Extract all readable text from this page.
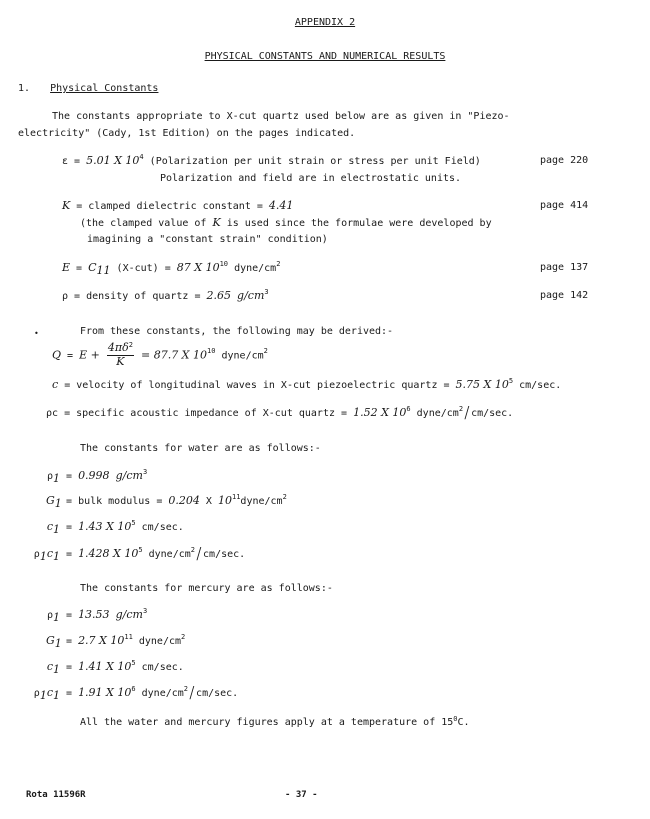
APPENDIX 2
PHYSICAL CONSTANTS AND NUMERICAL RESULTS
1. Physical Constants
The constants appropriate to X-cut quartz used below are as given in "Piezo-
electricity" (Cady, 1st Edition) on the pages indicated.
ε = 5.01 X $10^4$ (Polarization per unit strain or stress per unit Field)	page 220
Polarization and field are in electrostatic units.
K = clamped dielectric constant = 4.41	page 414
(the clamped value of K is used since the formulae were developed by
imagining a "constant strain" condition)
$E = C_{11}$ (X-cut) = 87 X $10^{10}$ dyne/$cm^2$	page 137
ρ = density of quartz = 2.65 $g/cm^3$	page 142
•	From these constants, the following may be derived:-
$Q = E + \frac{4\pi\delta^2}{K} = 87.7$ X $10^{10}$ dyne/$cm^2$
c = velocity of longitudinal waves in X-cut piezoelectric quartz = 5.75 X $10^5$ cm/sec.
ρc = specific acoustic impedance of X-cut quartz = 1.52 X $10^6$ dyne/$cm^2/cm/\sec$.
The constants for water are as follows:-
$\rho_1 = 0.998$ $g/cm^3$
$G_1$ = bulk modulus = 0.204 X $10^{11}dyne/cm^2$
$c_1 = 1.43$ X $10^5$ cm/sec.
$\rho_1c_1 = 1.428$ X $10^5$ dyne/$cm^2/cm/\sec$.
The constants for mercury are as follows:-
$\rho_1 = 13.53$ $g/cm^3$
$G_1 = 2.7$ X $10^{11}$ dyne/$cm^2$
$c_1 = 1.41$ X $10^5$ cm/sec.
$\rho_1c_1 = 1.91$ X $10^6$ dyne/$cm^2/cm/\sec$.
All the water and mercury figures apply at a temperature of $15^0C$.
Rota 11596R	- 37 -
